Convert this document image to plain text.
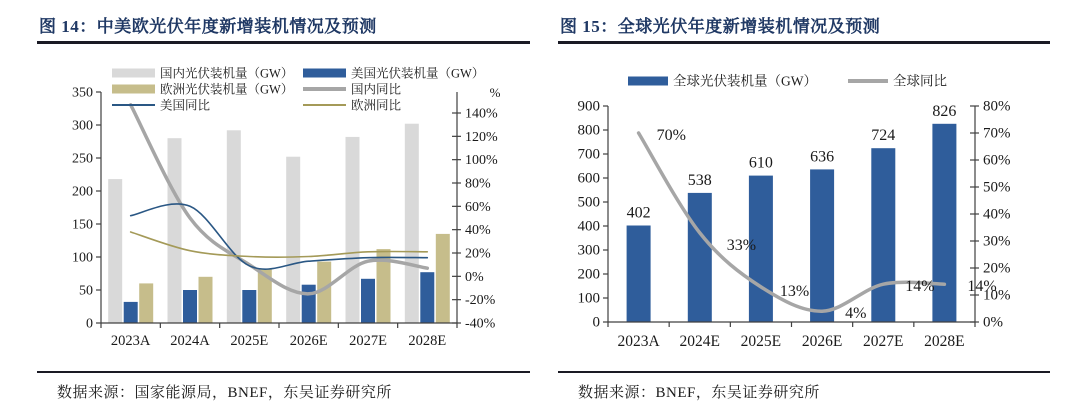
图 14：中美欧光伏年度新增装机情况及预测
0
50
100
150
200
250
300
350
-40%
-20%
0%
20%
40%
60%
80%
100%
120%
140%
%
2023A 2024A 2025E 2026E 2027E 2028E
国内光伏装机量（GW）	美国光伏装机量（GW）
欧洲光伏装机量（GW）	国内同比
美国同比	欧洲同比
数据来源：国家能源局，BNEF，东吴证券研究所
图 15：全球光伏年度新增装机情况及预测
0
100
200
300
400
500
600
700
800
900
0%
10%
20%
30%
40%
50%
60%
70%
80%
2023A 2024E 2025E 2026E 2027E 2028E
70%
33%
13%
4%
14% 14%
402
538
610 636
724
826
全球光伏装机量（GW）	全球同比
数据来源：BNEF，东吴证券研究所
